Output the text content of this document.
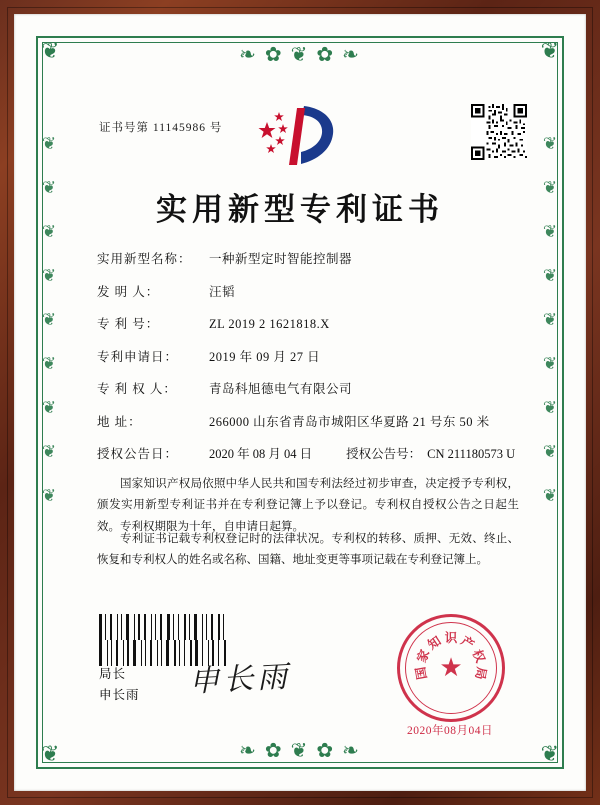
❧ ✿ ❦ ✿ ❧
❧ ✿ ❦ ✿ ❧
❦	❦
❦	❦
❦❦❦❦❦❦❦❦❦	❦❦❦❦❦❦❦❦❦
证书号第 11145986 号
实用新型专利证书
实用新型名称：	一种新型定时智能控制器
发 明 人：	汪韬
专 利 号：	ZL 2019 2 1621818.X
专利申请日：	2019 年 09 月 27 日
专 利 权 人：	青岛科旭德电气有限公司
地 址：	266000 山东省青岛市城阳区华夏路 21 号东 50 米
授权公告日：	2020 年 08 月 04 日	授权公告号： CN 211180573 U
国家知识产权局依照中华人民共和国专利法经过初步审查，决定授予专利权，颁发实用新型专利证书并在专利登记簿上予以登记。专利权自授权公告之日起生效。专利权期限为十年，自申请日起算。
专利证书记载专利权登记时的法律状况。专利权的转移、质押、无效、终止、恢复和专利权人的姓名或名称、国籍、地址变更等事项记载在专利登记簿上。
局长
申长雨 申长雨	★
国
家
知 识 产
权
局
2020年08月04日
